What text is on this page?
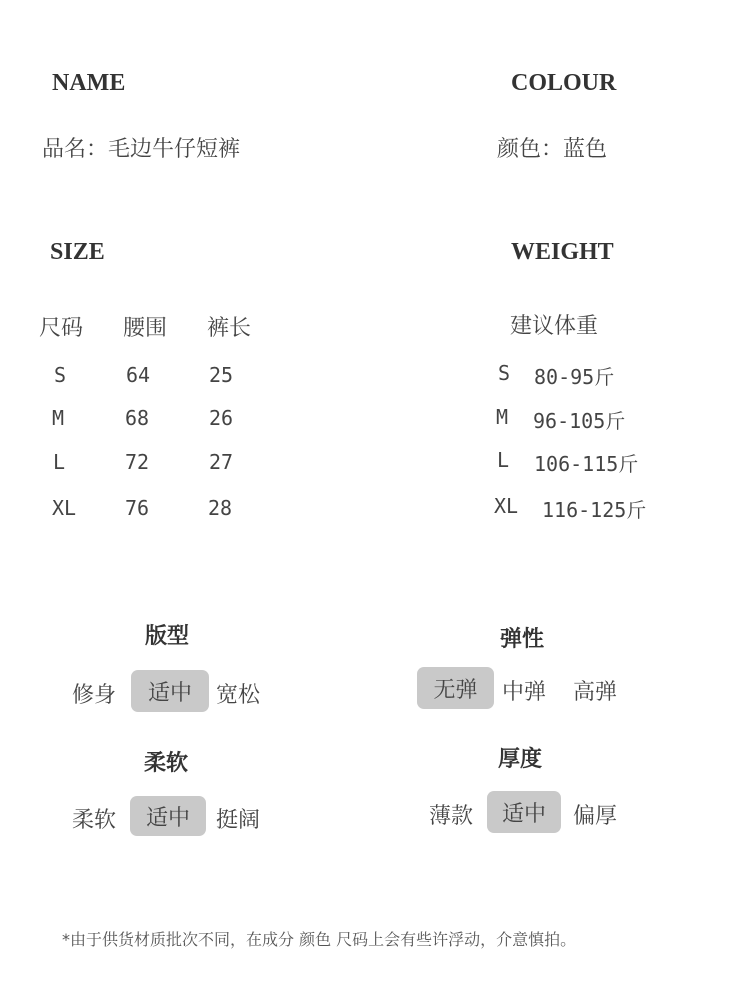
NAME
品名：毛边牛仔短裤
COLOUR
颜色：蓝色
SIZE
尺码 腰围 裤长
S	64	25
M	68	26
L	72	27
XL 76	28
WEIGHT
建议体重
S 80-95斤
M 96-105斤
L 106-115斤
XL 116-125斤
版型
修身	适中	宽松
弹性
无弹	中弹 高弹
柔软
柔软	适中	挺阔
厚度
薄款	适中	偏厚
*由于供货材质批次不同，在成分 颜色 尺码上会有些许浮动，介意慎拍。
